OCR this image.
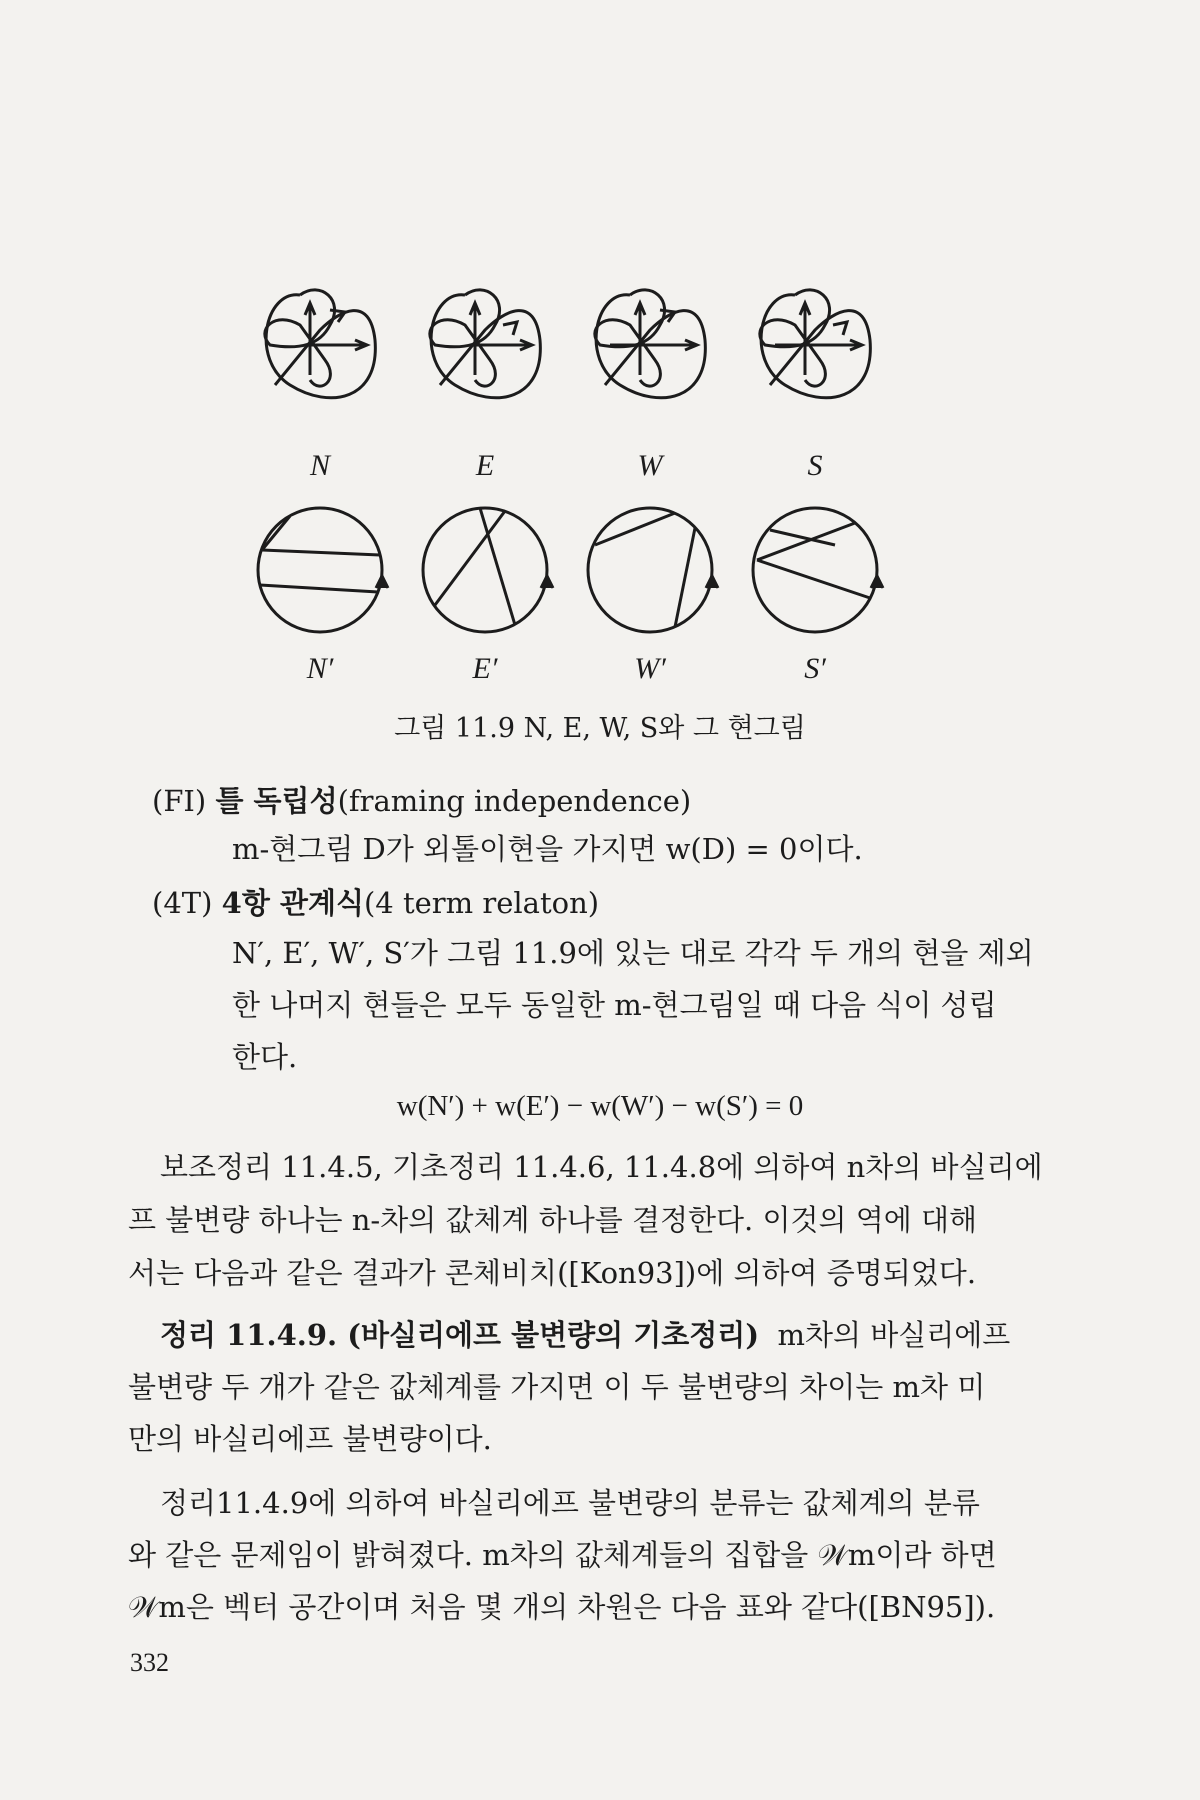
N	E	W	S
N′	E′	W′	S′
그림 11.9 N, E, W, S와 그 현그림
(FI) 틀 독립성(framing independence)
m-현그림 D가 외톨이현을 가지면 w(D) = 0이다.
(4T) 4항 관계식(4 term relaton)
N′, E′, W′, S′가 그림 11.9에 있는 대로 각각 두 개의 현을 제외
한 나머지 현들은 모두 동일한 m-현그림일 때 다음 식이 성립
한다.
w(N′) + w(E′) − w(W′) − w(S′) = 0
보조정리 11.4.5, 기초정리 11.4.6, 11.4.8에 의하여 n차의 바실리에
프 불변량 하나는 n-차의 값체계 하나를 결정한다. 이것의 역에 대해
서는 다음과 같은 결과가 콘체비치([Kon93])에 의하여 증명되었다.
정리 11.4.9. (바실리에프 불변량의 기초정리) m차의 바실리에프
불변량 두 개가 같은 값체계를 가지면 이 두 불변량의 차이는 m차 미
만의 바실리에프 불변량이다.
정리11.4.9에 의하여 바실리에프 불변량의 분류는 값체계의 분류
와 같은 문제임이 밝혀졌다. m차의 값체계들의 집합을 𝒲m이라 하면
𝒲m은 벡터 공간이며 처음 몇 개의 차원은 다음 표와 같다([BN95]).
332
